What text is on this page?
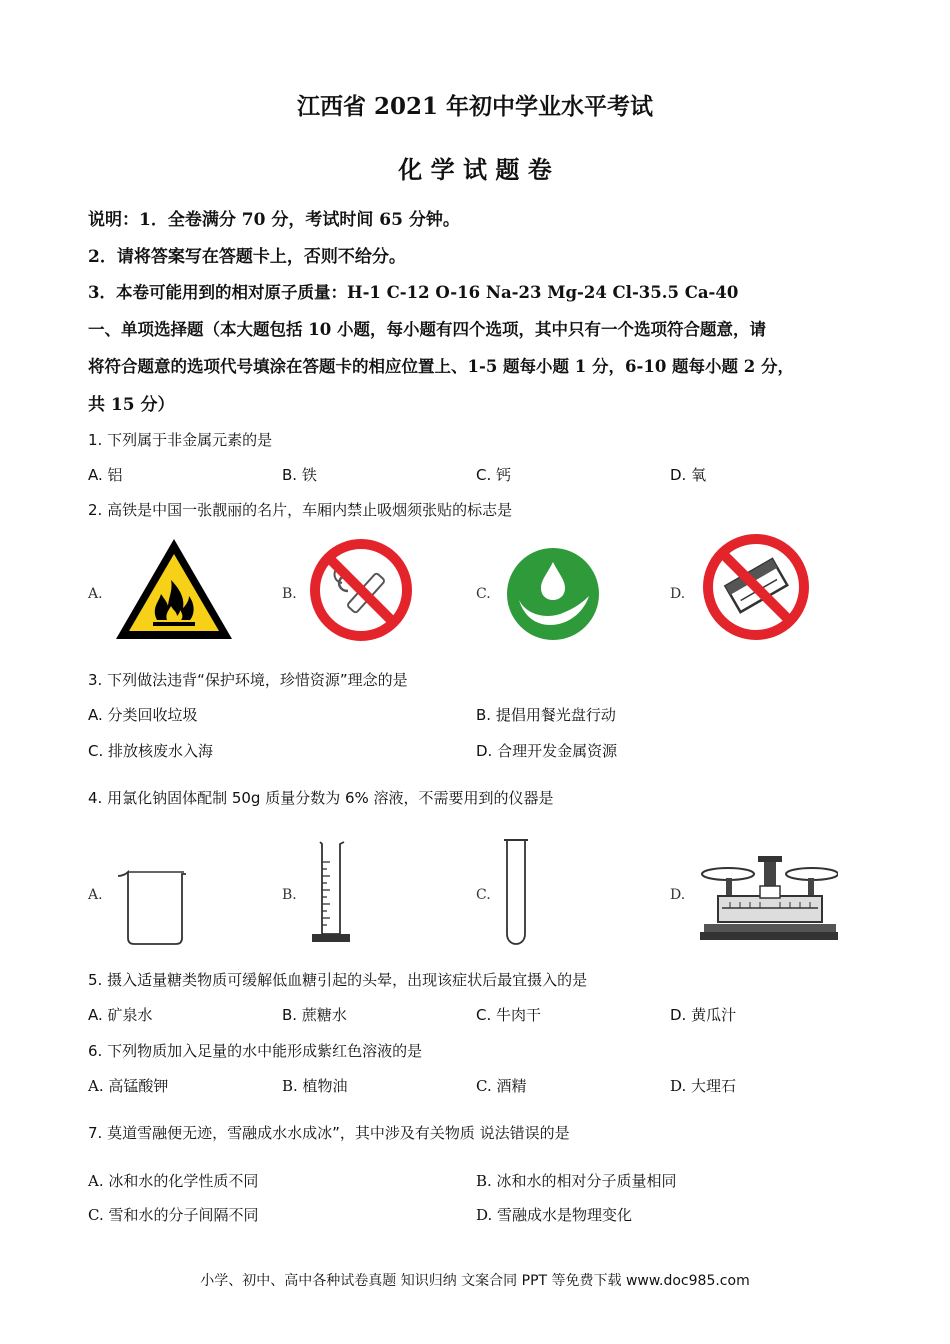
江西省 2021 年初中学业水平考试
化 学 试 题 卷
说明：1．全卷满分 70 分，考试时间 65 分钟。
2．请将答案写在答题卡上，否则不给分。
3．本卷可能用到的相对原子质量：H-1 C-12 O-16 Na-23 Mg-24 Cl-35.5 Ca-40
一、单项选择题（本大题包括 10 小题，每小题有四个选项，其中只有一个选项符合题意，请
将符合题意的选项代号填涂在答题卡的相应位置上、1-5 题每小题 1 分，6-10 题每小题 2 分，
共 15 分）
1. 下列属于非金属元素的是
A. 铝	B. 铁	C. 钙	D. 氧
2. 高铁是中国一张靓丽的名片，车厢内禁止吸烟须张贴的标志是
A.	B.	C.	D.
3. 下列做法违背“保护环境，珍惜资源”理念的是
A. 分类回收垃圾	B. 提倡用餐光盘行动
C. 排放核废水入海	D. 合理开发金属资源
4. 用氯化钠固体配制 50g 质量分数为 6% 溶液，不需要用到的仪器是
A.	B.	C.	D.
5. 摄入适量糖类物质可缓解低血糖引起的头晕，出现该症状后最宜摄入的是
A. 矿泉水	B. 蔗糖水	C. 牛肉干	D. 黄瓜汁
6. 下列物质加入足量的水中能形成紫红色溶液的是
A. 高锰酸钾	B. 植物油	C. 酒精	D. 大理石
7. 莫道雪融便无迹，雪融成水水成冰”，其中涉及有关物质 说法错误的是
A. 冰和水的化学性质不同	B. 冰和水的相对分子质量相同
C. 雪和水的分子间隔不同	D. 雪融成水是物理变化
小学、初中、高中各种试卷真题 知识归纳 文案合同 PPT 等免费下载 www.doc985.com
